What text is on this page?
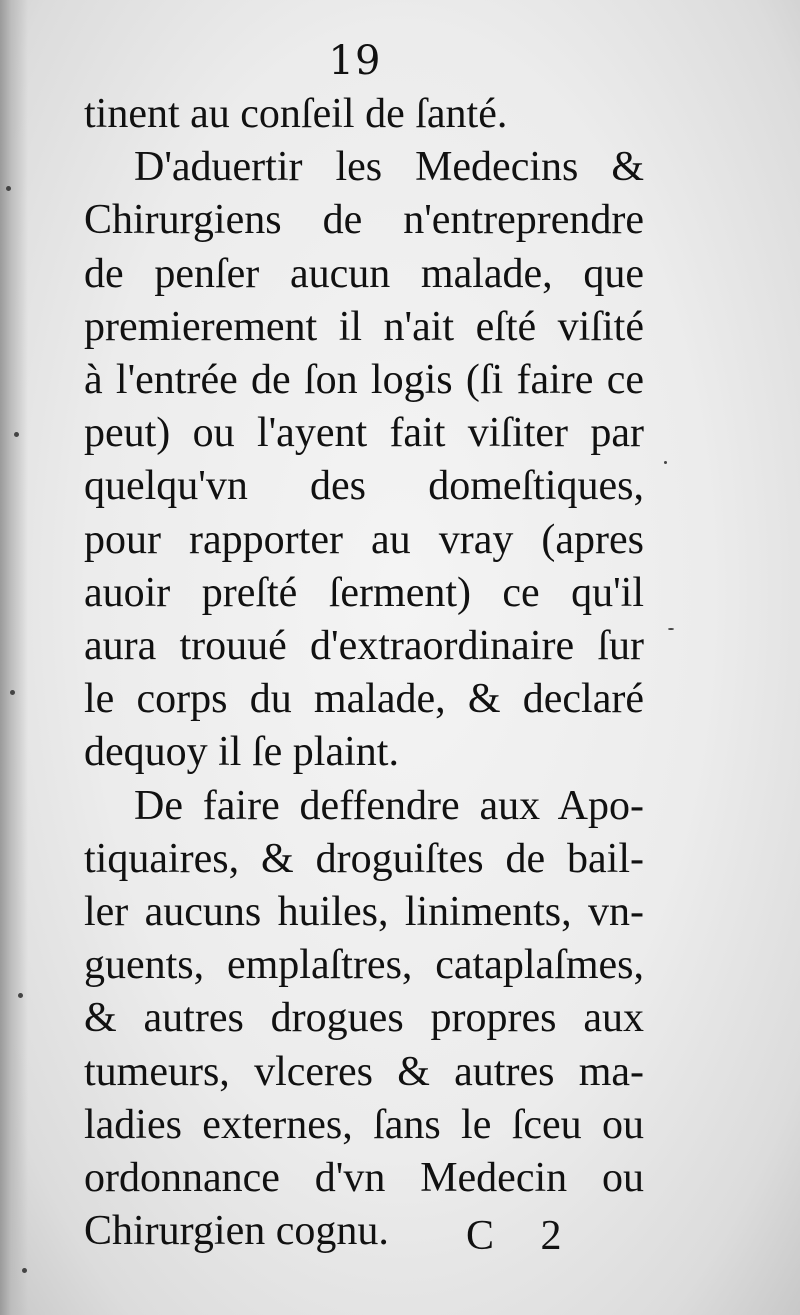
19
tinent au conſeil de ſanté.
D'aduertir les Medecins &
Chirurgiens de n'entreprendre
de penſer aucun malade, que
premierement il n'ait eſté viſité
à l'entrée de ſon logis (ſi faire ce
peut) ou l'ayent fait viſiter par
quelqu'vn des domeſtiques,
pour rapporter au vray (apres
auoir preſté ſerment) ce qu'il
aura trouué d'extraordinaire ſur
le corps du malade, & declaré
dequoy il ſe plaint.
De faire deffendre aux Apo-
tiquaires, & droguiſtes de bail-
ler aucuns huiles, liniments, vn-
guents, emplaſtres, cataplaſmes,
& autres drogues propres aux
tumeurs, vlceres & autres ma-
ladies externes, ſans le ſceu ou
ordonnance d'vn Medecin ou
Chirurgien cognu.	C 2
